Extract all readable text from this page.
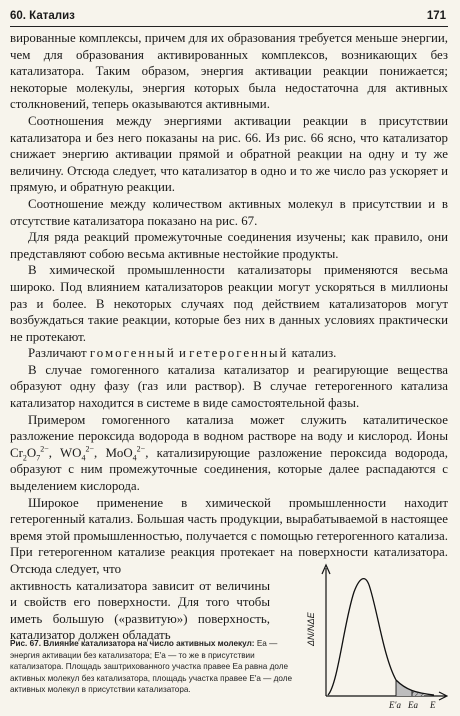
60. Катализ	171

вированные комплексы, причем для их образования требуется меньше энергии, чем для образования активированных комплексов, возникающих без катализатора. Таким образом, энергия активации реакции понижается; некоторые молекулы, энергия которых была недостаточна для активных столкновений, теперь оказываются активными.

Соотношения между энергиями активации реакции в присутствии катализатора и без него показаны на рис. 66. Из рис. 66 ясно, что катализатор снижает энергию активации прямой и обратной реакции на одну и ту же величину. Отсюда следует, что катализатор в одно и то же число раз ускоряет и прямую, и обратную реакции.

Соотношение между количеством активных молекул в присутствии и в отсутствие катализатора показано на рис. 67.

Для ряда реакций промежуточные соединения изучены; как правило, они представляют собою весьма активные нестойкие продукты.

В химической промышленности катализаторы применяются весьма широко. Под влиянием катализаторов реакции могут ускоряться в миллионы раз и более. В некоторых случаях под действием катализаторов могут возбуждаться такие реакции, которые без них в данных условиях практически не протекают.

Различают гомогенный и гетерогенный катализ.

В случае гомогенного катализа катализатор и реагирующие вещества образуют одну фазу (газ или раствор). В случае гетерогенного катализа катализатор находится в системе в виде самостоятельной фазы.

Примером гомогенного катализа может служить каталитическое разложение пероксида водорода в водном растворе на воду и кислород. Ионы $Cr_2O_7^{2-}$, $WO_4^{2-}$, MoO$_4^{2-}$, катализирующие разложение пероксида водорода, образуют с ним промежуточные соединения, которые далее распадаются с выделением кислорода.

Широкое применение в химической промышленности находит гетерогенный катализ. Большая часть продукции, вырабатываемой в настоящее время этой промышленностью, получается с помощью гетерогенного катализа. При гетерогенном катализе реакция протекает на поверхности катализатора. Отсюда следует, что

активность катализатора зависит от величины и свойств его поверхности. Для того чтобы иметь большую («развитую») поверхность, катализатор должен обладать	ΔN/NΔE
E′a Ea E
Рис. 67. Влияние катализатора на число активных молекул: Eа — энергия активации без катализатора; E′а — то же в присутствии катализатора. Площадь заштрихованного участка правее Eа равна доле активных молекул без катализатора, площадь участка правее E′а — доле активных молекул в присутствии катализатора.
